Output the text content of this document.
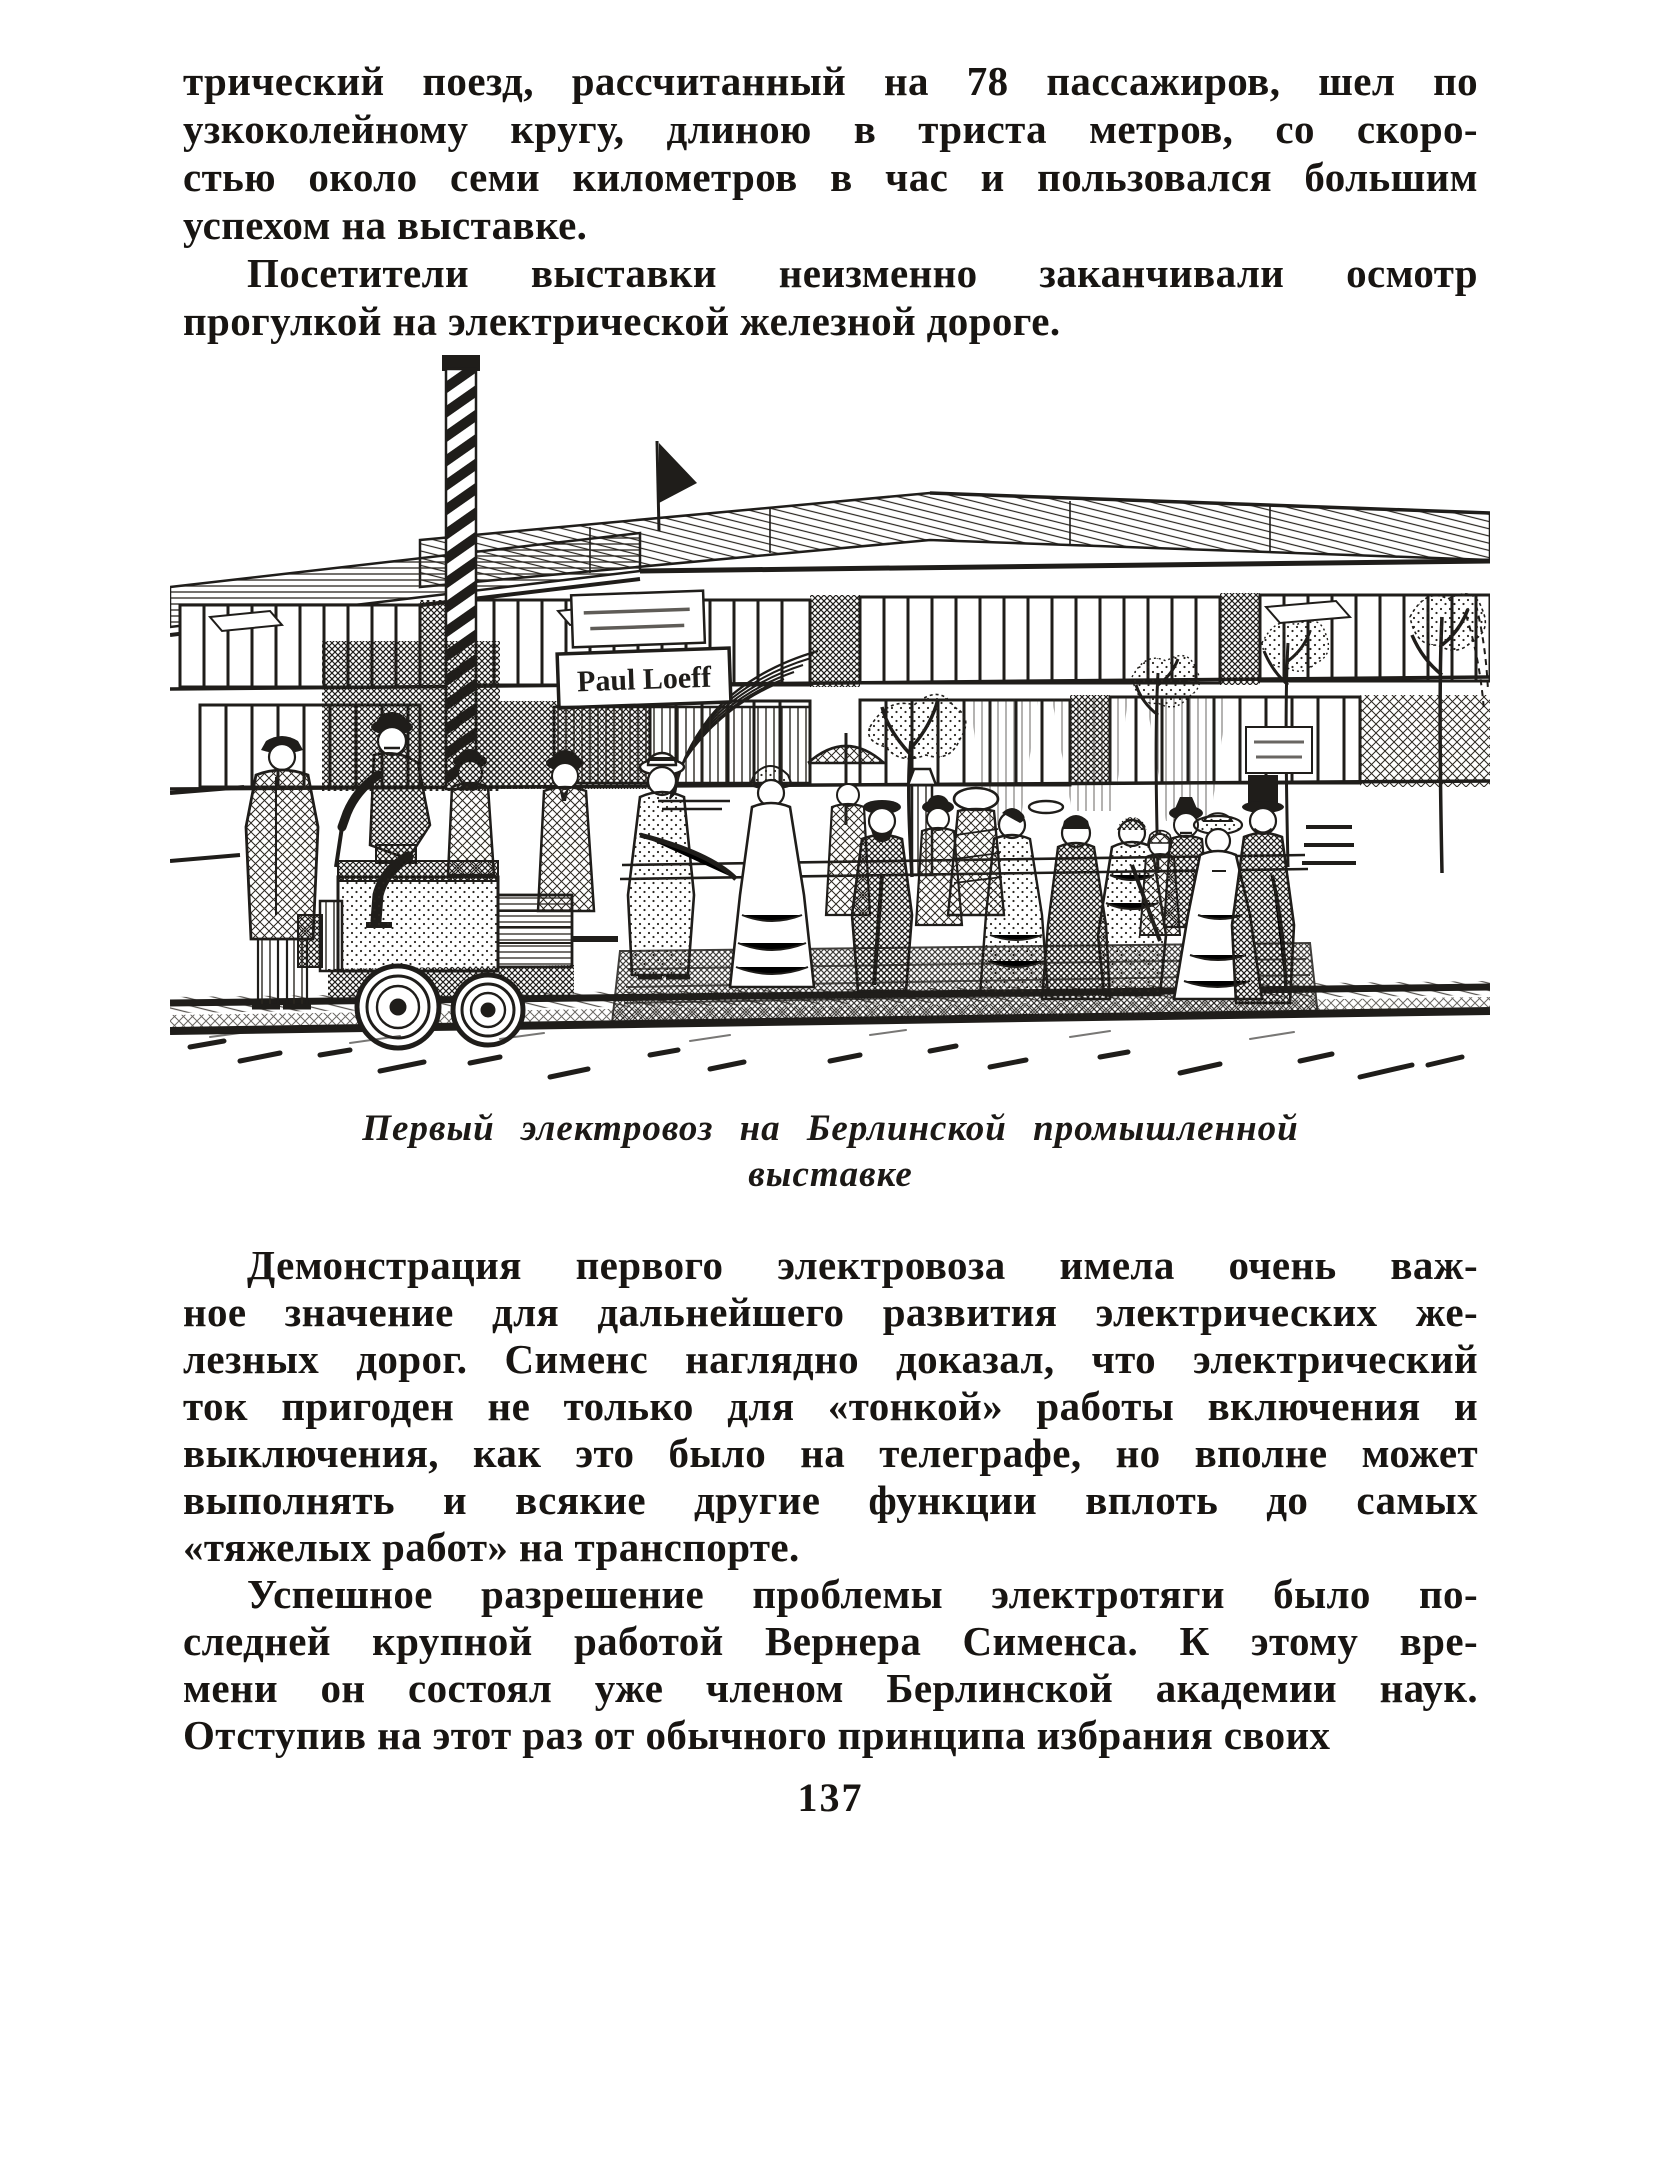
трический поезд, рассчитанный на 78 пассажиров, шел по
узкоколейному кругу, длиною в триста метров, со скоро-
стью около семи километров в час и пользовался большим
успехом на выставке.
Посетители выставки неизменно заканчивали осмотр
прогулкой на электрической железной дороге.
Paul Loeff
Первый электровоз на Берлинской промышленной
выставке
Демонстрация первого электровоза имела очень важ-
ное значение для дальнейшего развития электрических же-
лезных дорог. Сименс наглядно доказал, что электрический
ток пригоден не только для «тонкой» работы включения и
выключения, как это было на телеграфе, но вполне может
выполнять и всякие другие функции вплоть до самых
«тяжелых работ» на транспорте.
Успешное разрешение проблемы электротяги было по-
следней крупной работой Вернера Сименса. К этому вре-
мени он состоял уже членом Берлинской академии наук.
Отступив на этот раз от обычного принципа избрания своих
137
